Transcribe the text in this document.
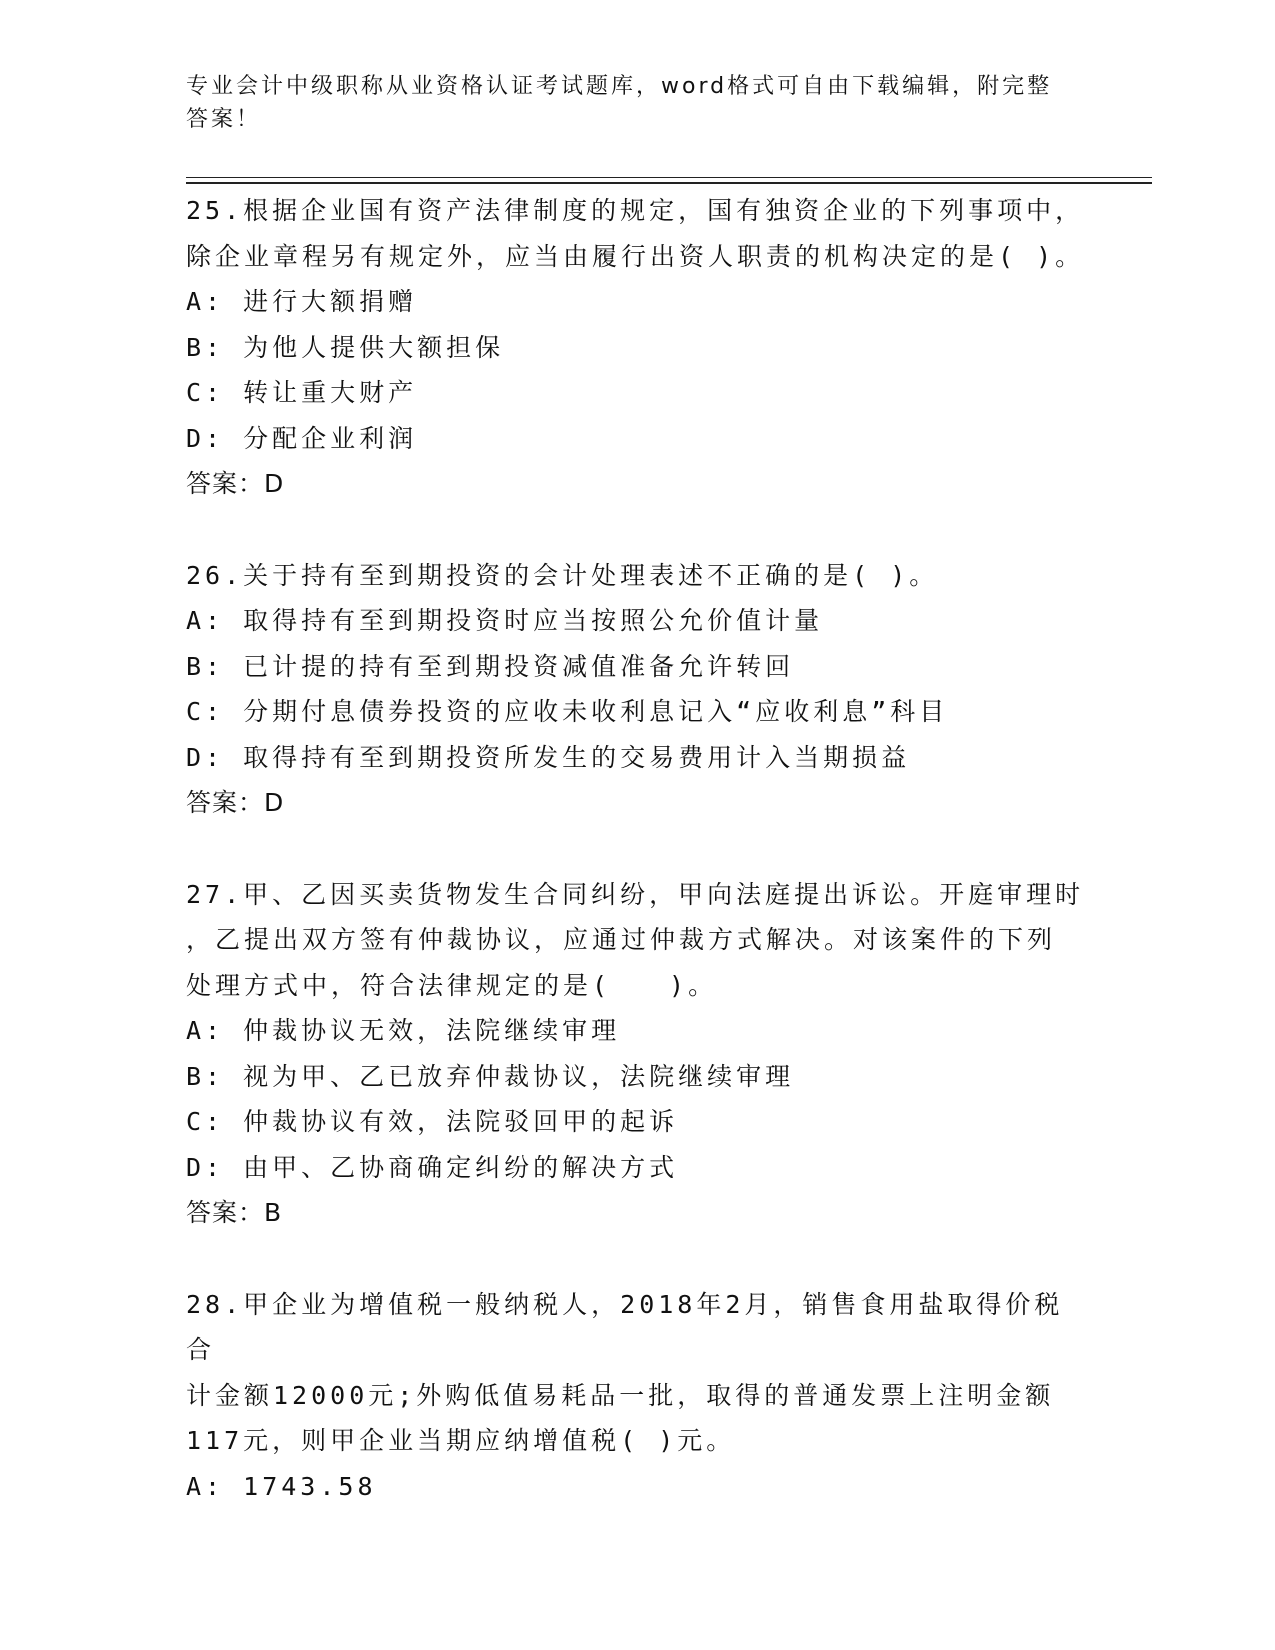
专业会计中级职称从业资格认证考试题库，word格式可自由下载编辑，附完整答案！
25.根据企业国有资产法律制度的规定，国有独资企业的下列事项中，
除企业章程另有规定外，应当由履行出资人职责的机构决定的是( )。
A: 进行大额捐赠
B: 为他人提供大额担保
C: 转让重大财产
D: 分配企业利润
答案：D
26.关于持有至到期投资的会计处理表述不正确的是( )。
A: 取得持有至到期投资时应当按照公允价值计量
B: 已计提的持有至到期投资减值准备允许转回
C: 分期付息债券投资的应收未收利息记入“应收利息”科目
D: 取得持有至到期投资所发生的交易费用计入当期损益
答案：D
27.甲、乙因买卖货物发生合同纠纷，甲向法庭提出诉讼。开庭审理时
，乙提出双方签有仲裁协议，应通过仲裁方式解决。对该案件的下列
处理方式中，符合法律规定的是(　　)。
A: 仲裁协议无效，法院继续审理
B: 视为甲、乙已放弃仲裁协议，法院继续审理
C: 仲裁协议有效，法院驳回甲的起诉
D: 由甲、乙协商确定纠纷的解决方式
答案：B
28.甲企业为增值税一般纳税人，2018年2月，销售食用盐取得价税合
计金额12000元;外购低值易耗品一批，取得的普通发票上注明金额
117元，则甲企业当期应纳增值税( )元。
A: 1743.58
